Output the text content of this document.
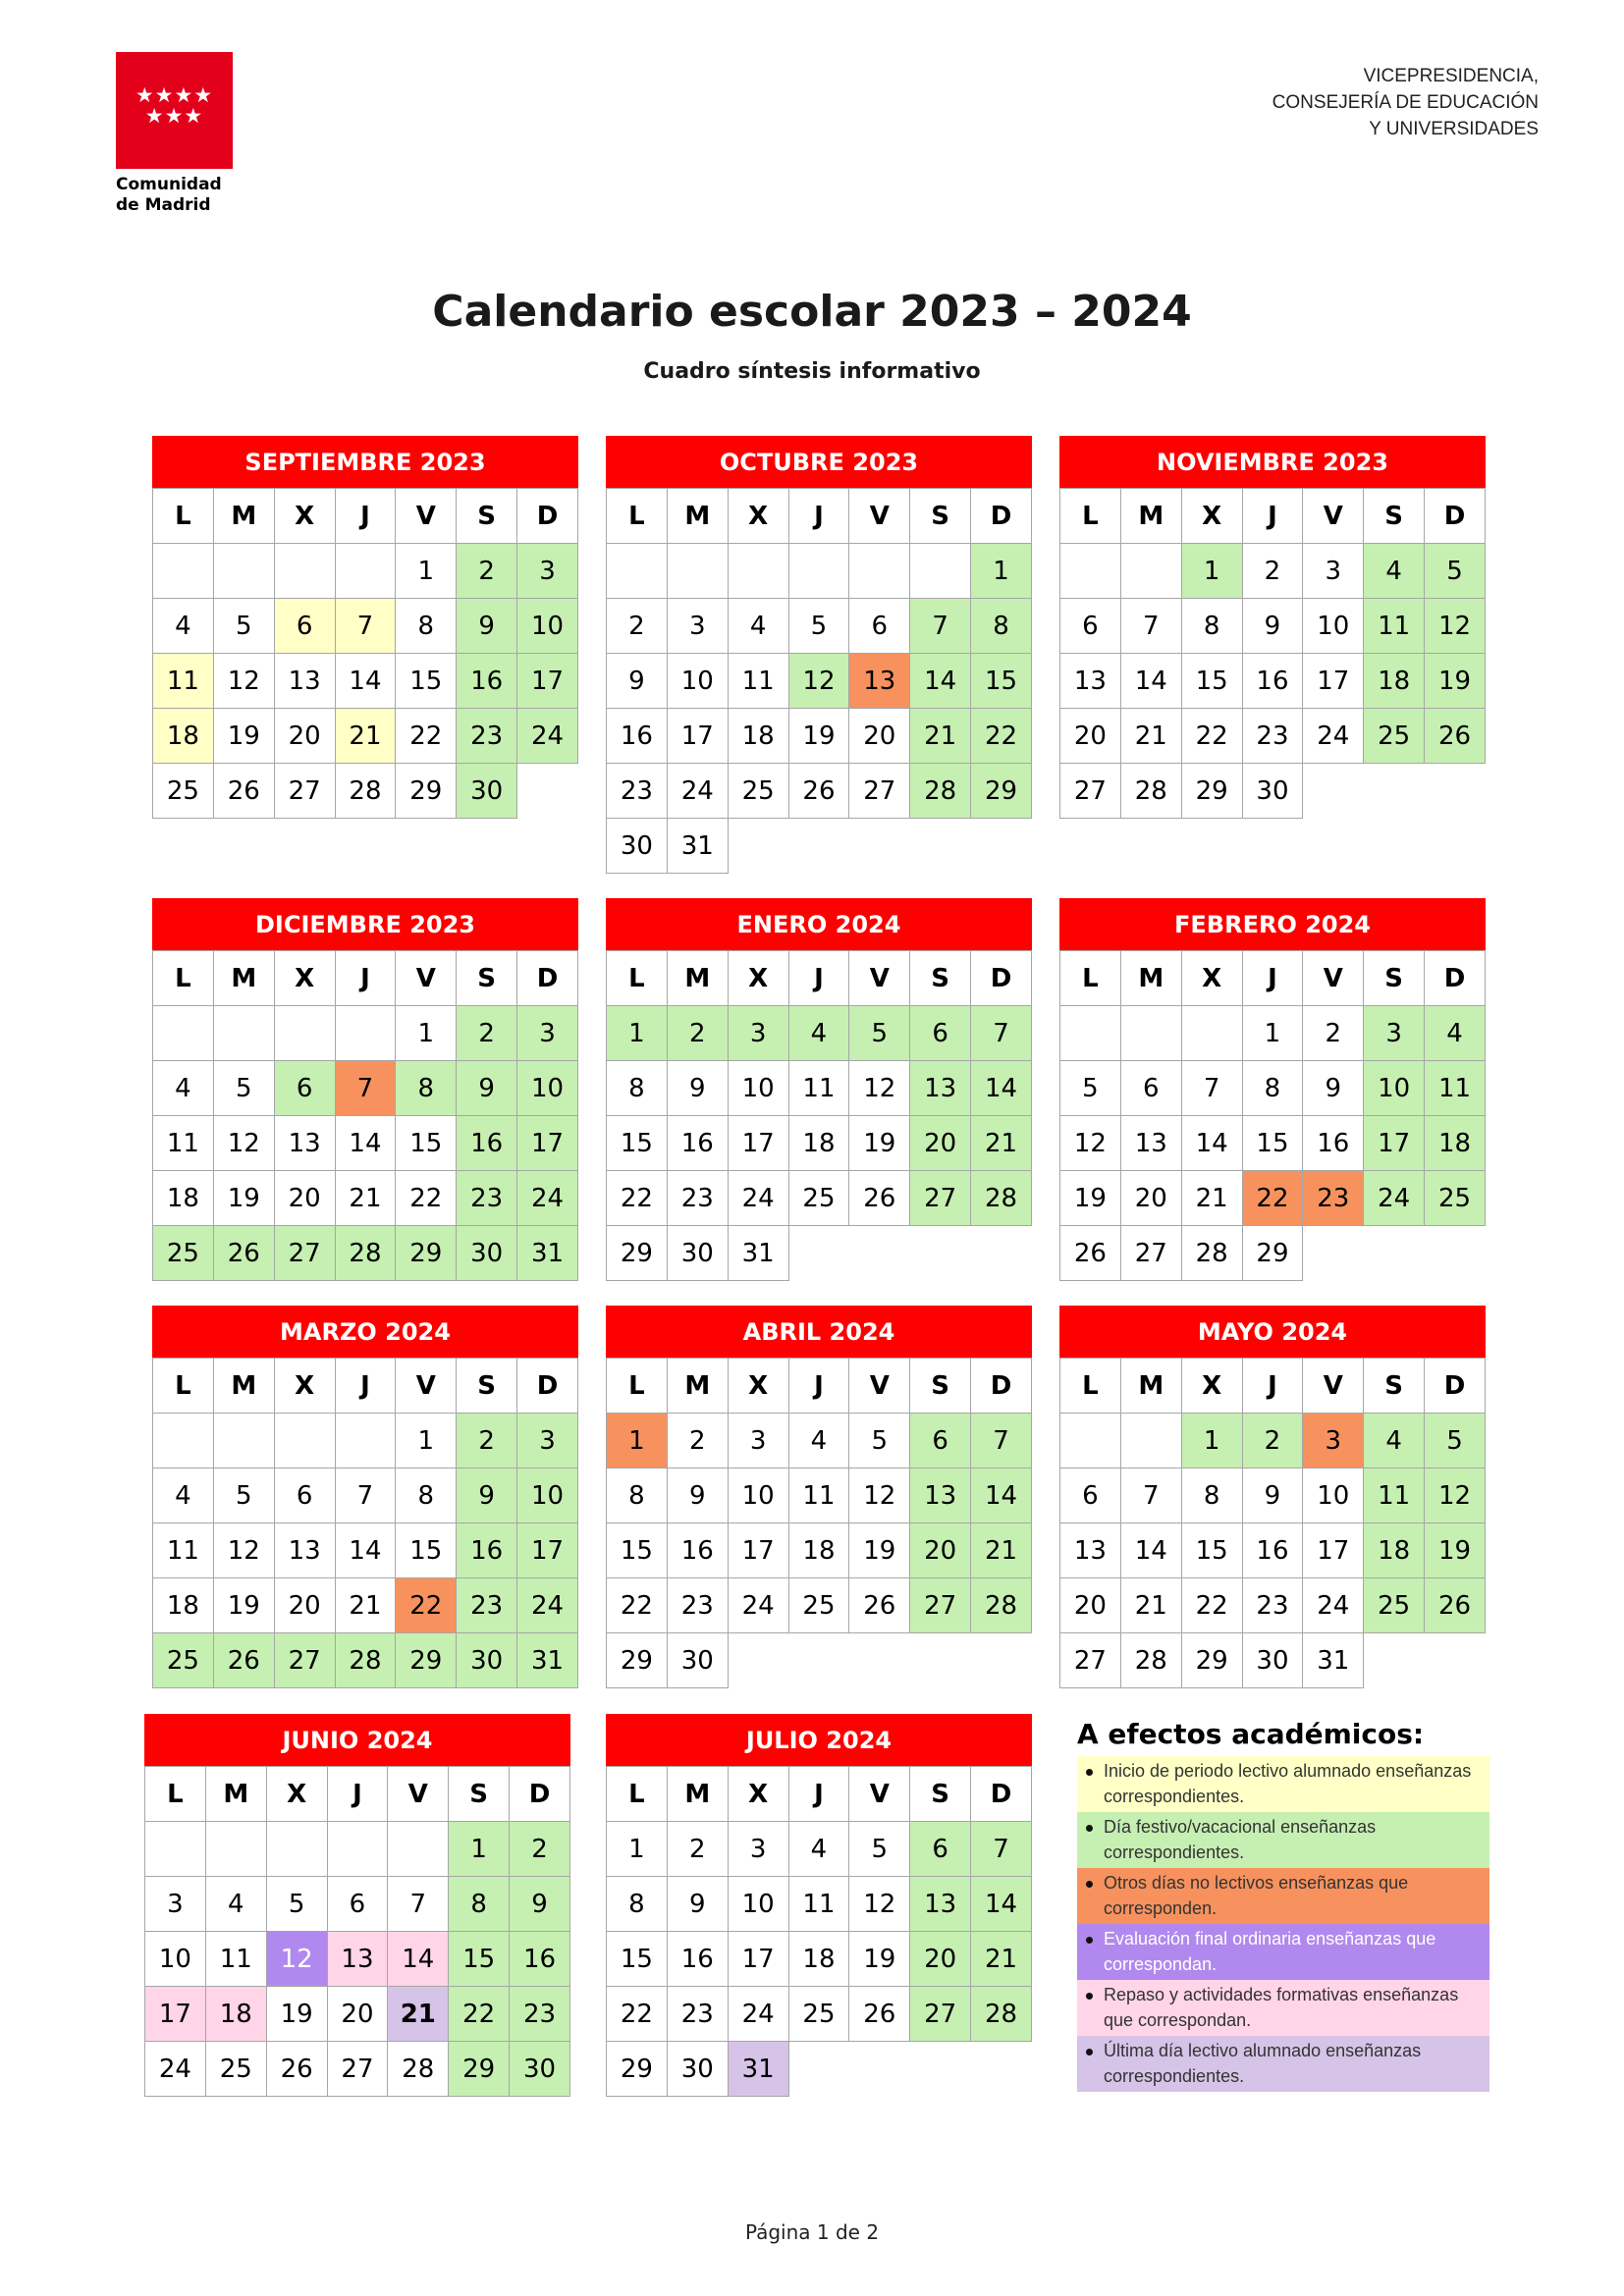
★★★★
★★★
Comunidad
de Madrid
VICEPRESIDENCIA,
CONSEJERÍA DE EDUCACIÓN
Y UNIVERSIDADES
Calendario escolar 2023 – 2024
Cuadro síntesis informativo
SEPTIEMBRE 2023
L	M	X	J	V	S	D
				1	2	3
4	5	6	7	8	9	10
11	12	13	14	15	16	17
18	19	20	21	22	23	24
25	26	27	28	29	30	
OCTUBRE 2023
L	M	X	J	V	S	D
						1
2	3	4	5	6	7	8
9	10	11	12	13	14	15
16	17	18	19	20	21	22
23	24	25	26	27	28	29
30	31					
NOVIEMBRE 2023
L	M	X	J	V	S	D
		1	2	3	4	5
6	7	8	9	10	11	12
13	14	15	16	17	18	19
20	21	22	23	24	25	26
27	28	29	30			
DICIEMBRE 2023
L	M	X	J	V	S	D
				1	2	3
4	5	6	7	8	9	10
11	12	13	14	15	16	17
18	19	20	21	22	23	24
25	26	27	28	29	30	31
ENERO 2024
L	M	X	J	V	S	D
1	2	3	4	5	6	7
8	9	10	11	12	13	14
15	16	17	18	19	20	21
22	23	24	25	26	27	28
29	30	31				
FEBRERO 2024
L	M	X	J	V	S	D
			1	2	3	4
5	6	7	8	9	10	11
12	13	14	15	16	17	18
19	20	21	22	23	24	25
26	27	28	29			
MARZO 2024
L	M	X	J	V	S	D
				1	2	3
4	5	6	7	8	9	10
11	12	13	14	15	16	17
18	19	20	21	22	23	24
25	26	27	28	29	30	31
ABRIL 2024
L	M	X	J	V	S	D
1	2	3	4	5	6	7
8	9	10	11	12	13	14
15	16	17	18	19	20	21
22	23	24	25	26	27	28
29	30					
MAYO 2024
L	M	X	J	V	S	D
		1	2	3	4	5
6	7	8	9	10	11	12
13	14	15	16	17	18	19
20	21	22	23	24	25	26
27	28	29	30	31		
JUNIO 2024
L	M	X	J	V	S	D
					1	2
3	4	5	6	7	8	9
10	11	12	13	14	15	16
17	18	19	20	21	22	23
24	25	26	27	28	29	30
JULIO 2024
L	M	X	J	V	S	D
1	2	3	4	5	6	7
8	9	10	11	12	13	14
15	16	17	18	19	20	21
22	23	24	25	26	27	28
29	30	31				
A efectos académicos:
Inicio de periodo lectivo alumnado enseñanzas correspondientes.
Día festivo/vacacional enseñanzas correspondientes.
Otros días no lectivos enseñanzas que corresponden.
Evaluación final ordinaria enseñanzas que correspondan.
Repaso y actividades formativas enseñanzas que correspondan.
Última día lectivo alumnado enseñanzas correspondientes.
Página 1 de 2
